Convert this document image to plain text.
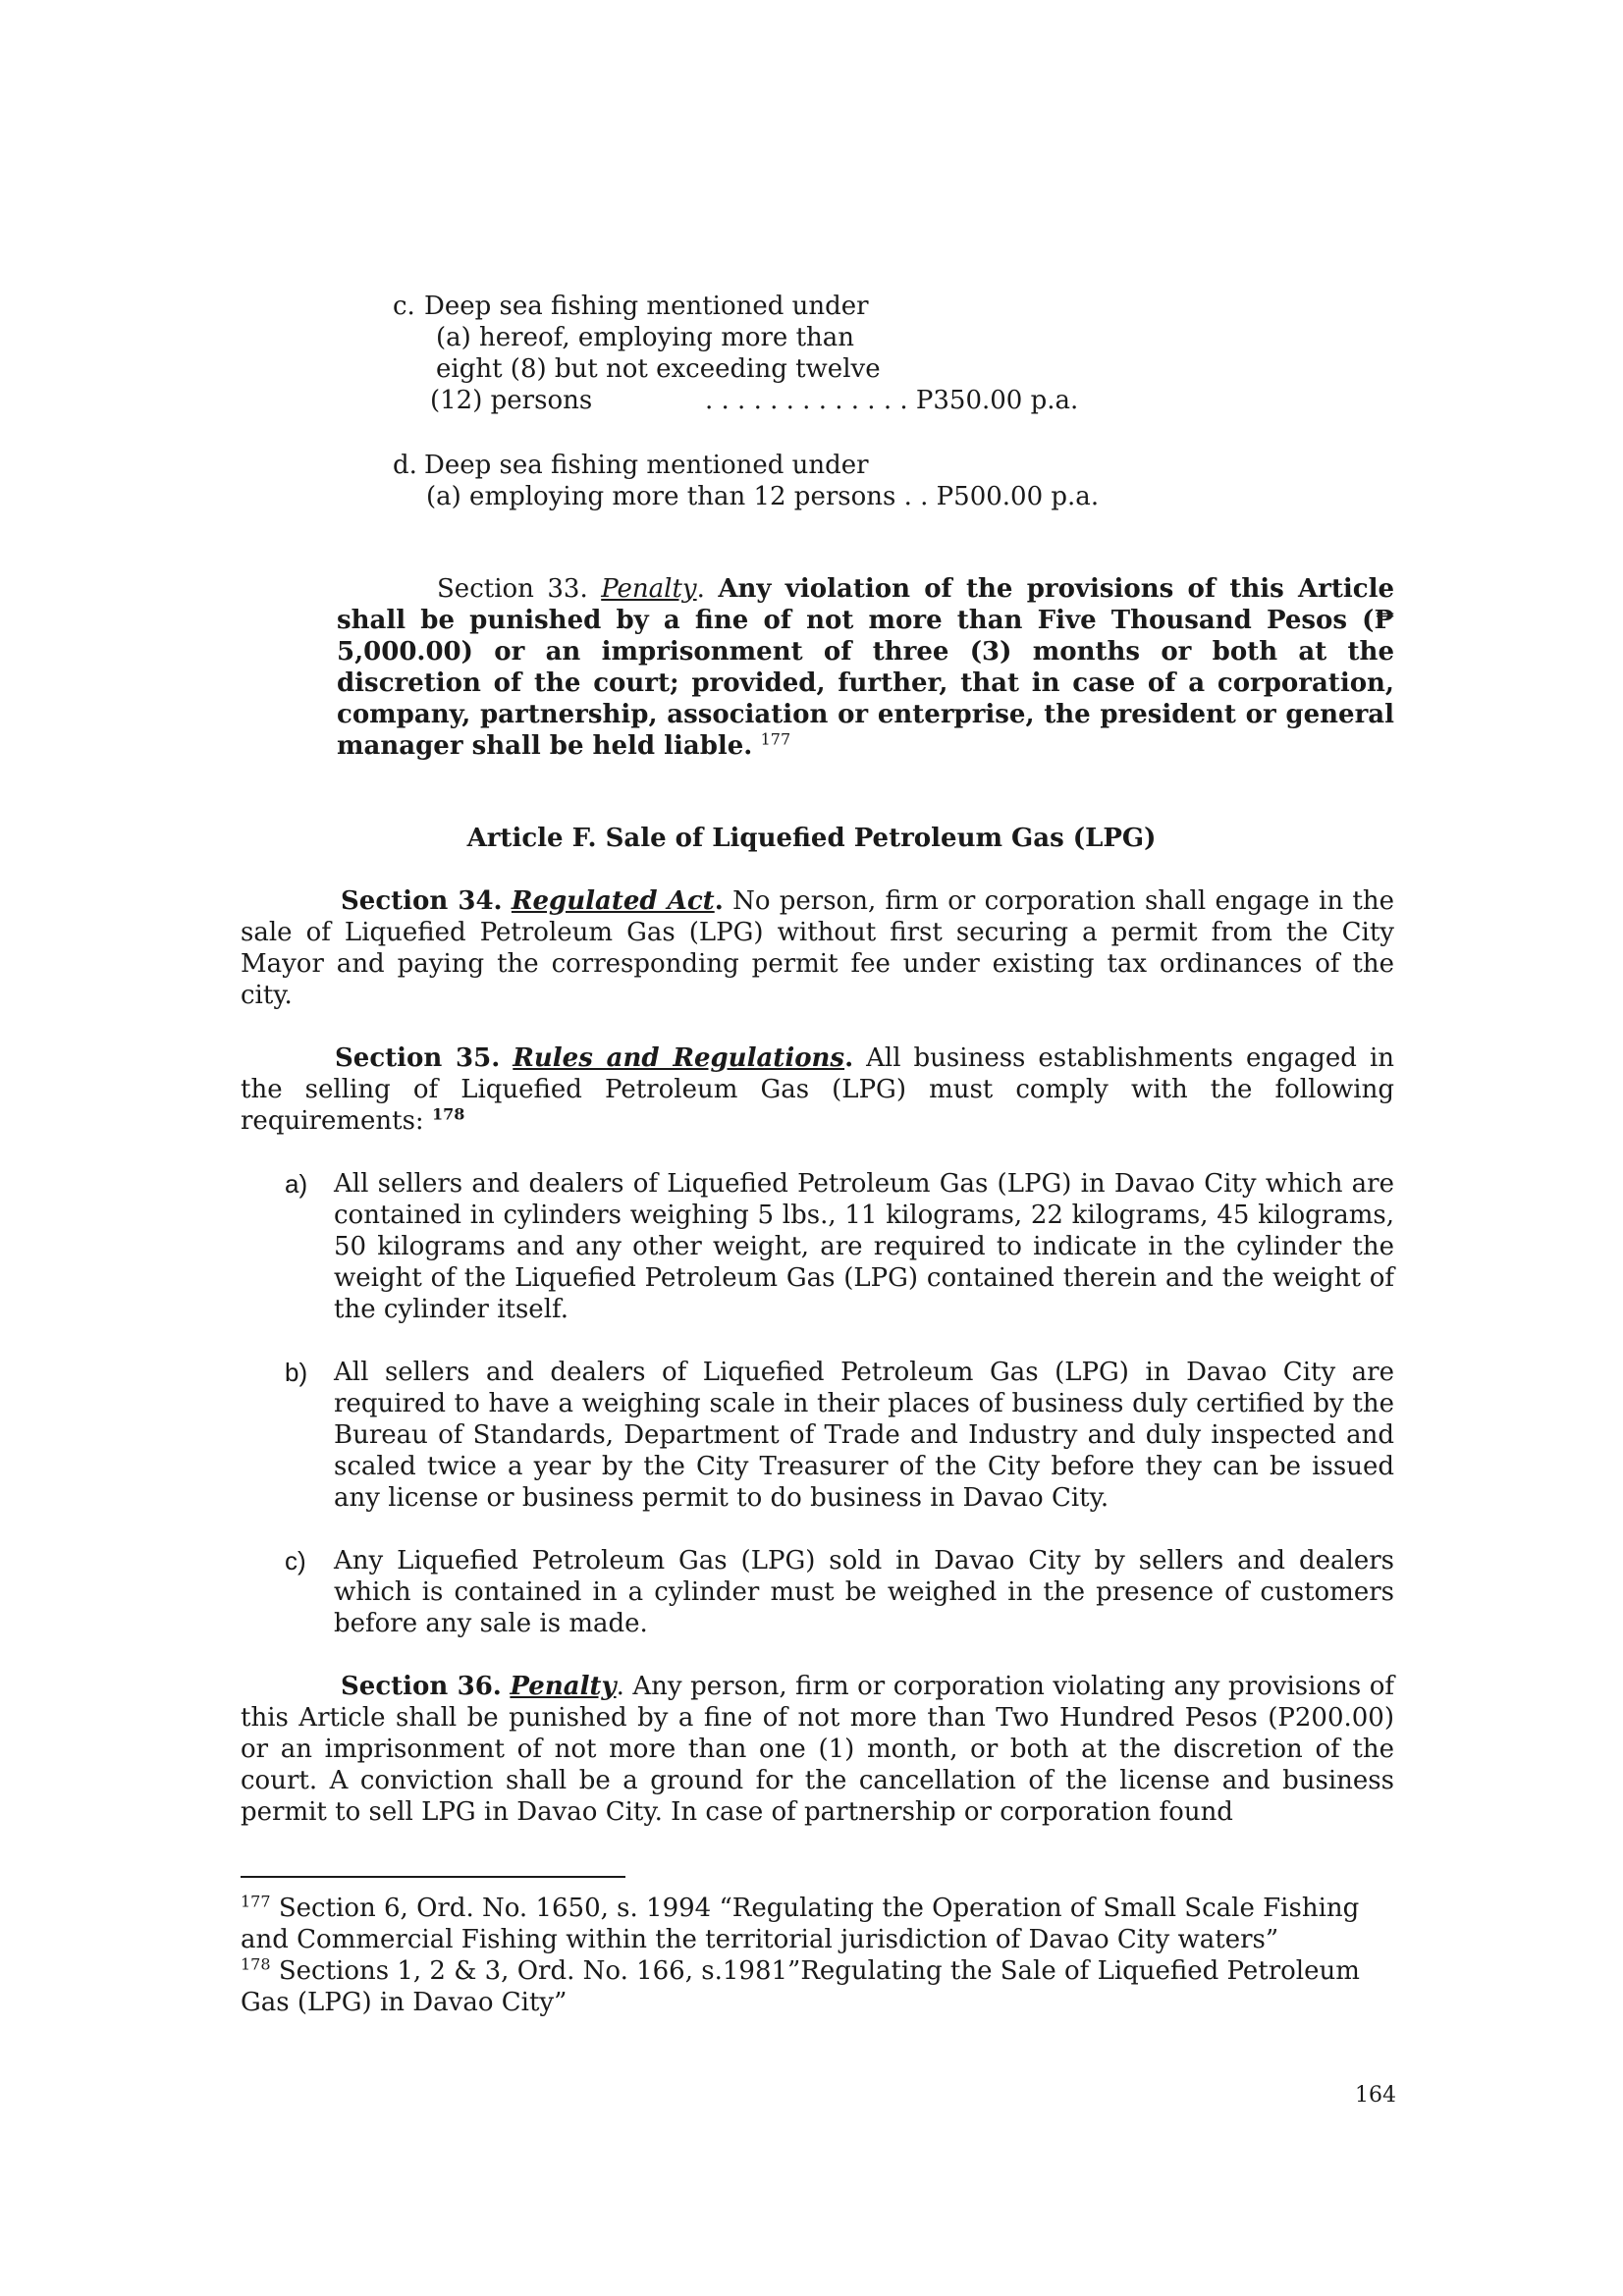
c. Deep sea fishing mentioned under
(a) hereof, employing more than
eight (8) but not exceeding twelve
(12) persons	. . . . . . . . . . . . . P350.00 p.a.
d. Deep sea fishing mentioned under
(a) employing more than 12 persons . . P500.00 p.a.
Section 33. Penalty. Any violation of the provisions of this Article shall be punished by a fine of not more than Five Thousand Pesos (₱ 5,000.00) or an imprisonment of three (3) months or both at the discretion of the court; provided, further, that in case of a corporation, company, partnership, association or enterprise, the president or general manager shall be held liable. $^{177}$
Article F. Sale of Liquefied Petroleum Gas (LPG)
Section 34. Regulated Act. No person, firm or corporation shall engage in the sale of Liquefied Petroleum Gas (LPG) without first securing a permit from the City Mayor and paying the corresponding permit fee under existing tax ordinances of the city.
Section 35. Rules and Regulations. All business establishments engaged in the selling of Liquefied Petroleum Gas (LPG) must comply with the following requirements: $^{178}$
a)	All sellers and dealers of Liquefied Petroleum Gas (LPG) in Davao City which are contained in cylinders weighing 5 lbs., 11 kilograms, 22 kilograms, 45 kilograms, 50 kilograms and any other weight, are required to indicate in the cylinder the weight of the Liquefied Petroleum Gas (LPG) contained therein and the weight of the cylinder itself.
b)	All sellers and dealers of Liquefied Petroleum Gas (LPG) in Davao City are required to have a weighing scale in their places of business duly certified by the Bureau of Standards, Department of Trade and Industry and duly inspected and scaled twice a year by the City Treasurer of the City before they can be issued any license or business permit to do business in Davao City.
c)	Any Liquefied Petroleum Gas (LPG) sold in Davao City by sellers and dealers which is contained in a cylinder must be weighed in the presence of customers before any sale is made.
Section 36. Penalty. Any person, firm or corporation violating any provisions of this Article shall be punished by a fine of not more than Two Hundred Pesos (P200.00) or an imprisonment of not more than one (1) month, or both at the discretion of the court. A conviction shall be a ground for the cancellation of the license and business permit to sell LPG in Davao City. In case of partnership or corporation found
$^{177}$ Section 6, Ord. No. 1650, s. 1994 “Regulating the Operation of Small Scale Fishing and Commercial Fishing within the territorial jurisdiction of Davao City waters”
$^{178}$ Sections 1, 2 & 3, Ord. No. 166, s.1981”Regulating the Sale of Liquefied Petroleum Gas (LPG) in Davao City”
164
